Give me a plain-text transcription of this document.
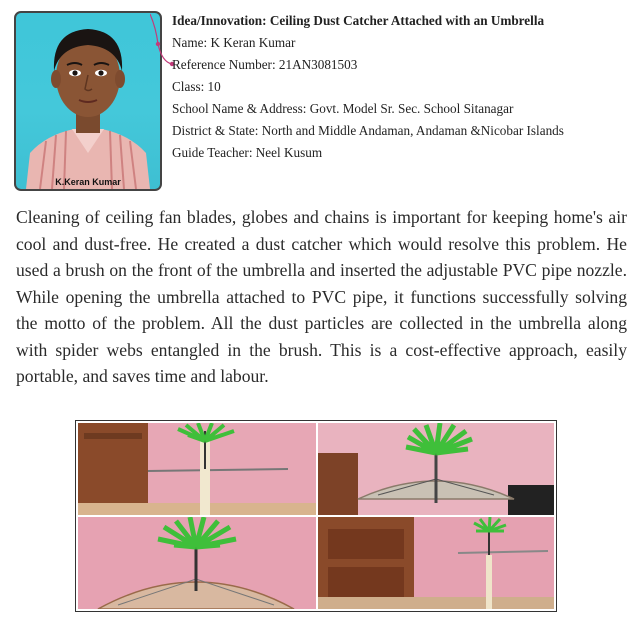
K.Keran Kumar
Idea/Innovation: Ceiling Dust Catcher Attached with an Umbrella
Name: K Keran Kumar
Reference Number: 21AN3081503
Class: 10
School Name & Address: Govt. Model Sr. Sec. School Sitanagar
District & State: North and Middle Andaman, Andaman &Nicobar Islands
Guide Teacher: Neel Kusum
Cleaning of ceiling fan blades, globes and chains is important for keeping home's air cool and dust-free. He created a dust catcher which would resolve this problem. He used a brush on the front of the umbrella and inserted the adjustable PVC pipe nozzle. While opening the umbrella attached to PVC pipe, it functions successfully solving the motto of the problem. All the dust particles are collected in the umbrella along with spider webs entangled in the brush. This is a cost-effective approach, easily portable, and saves time and labour.
